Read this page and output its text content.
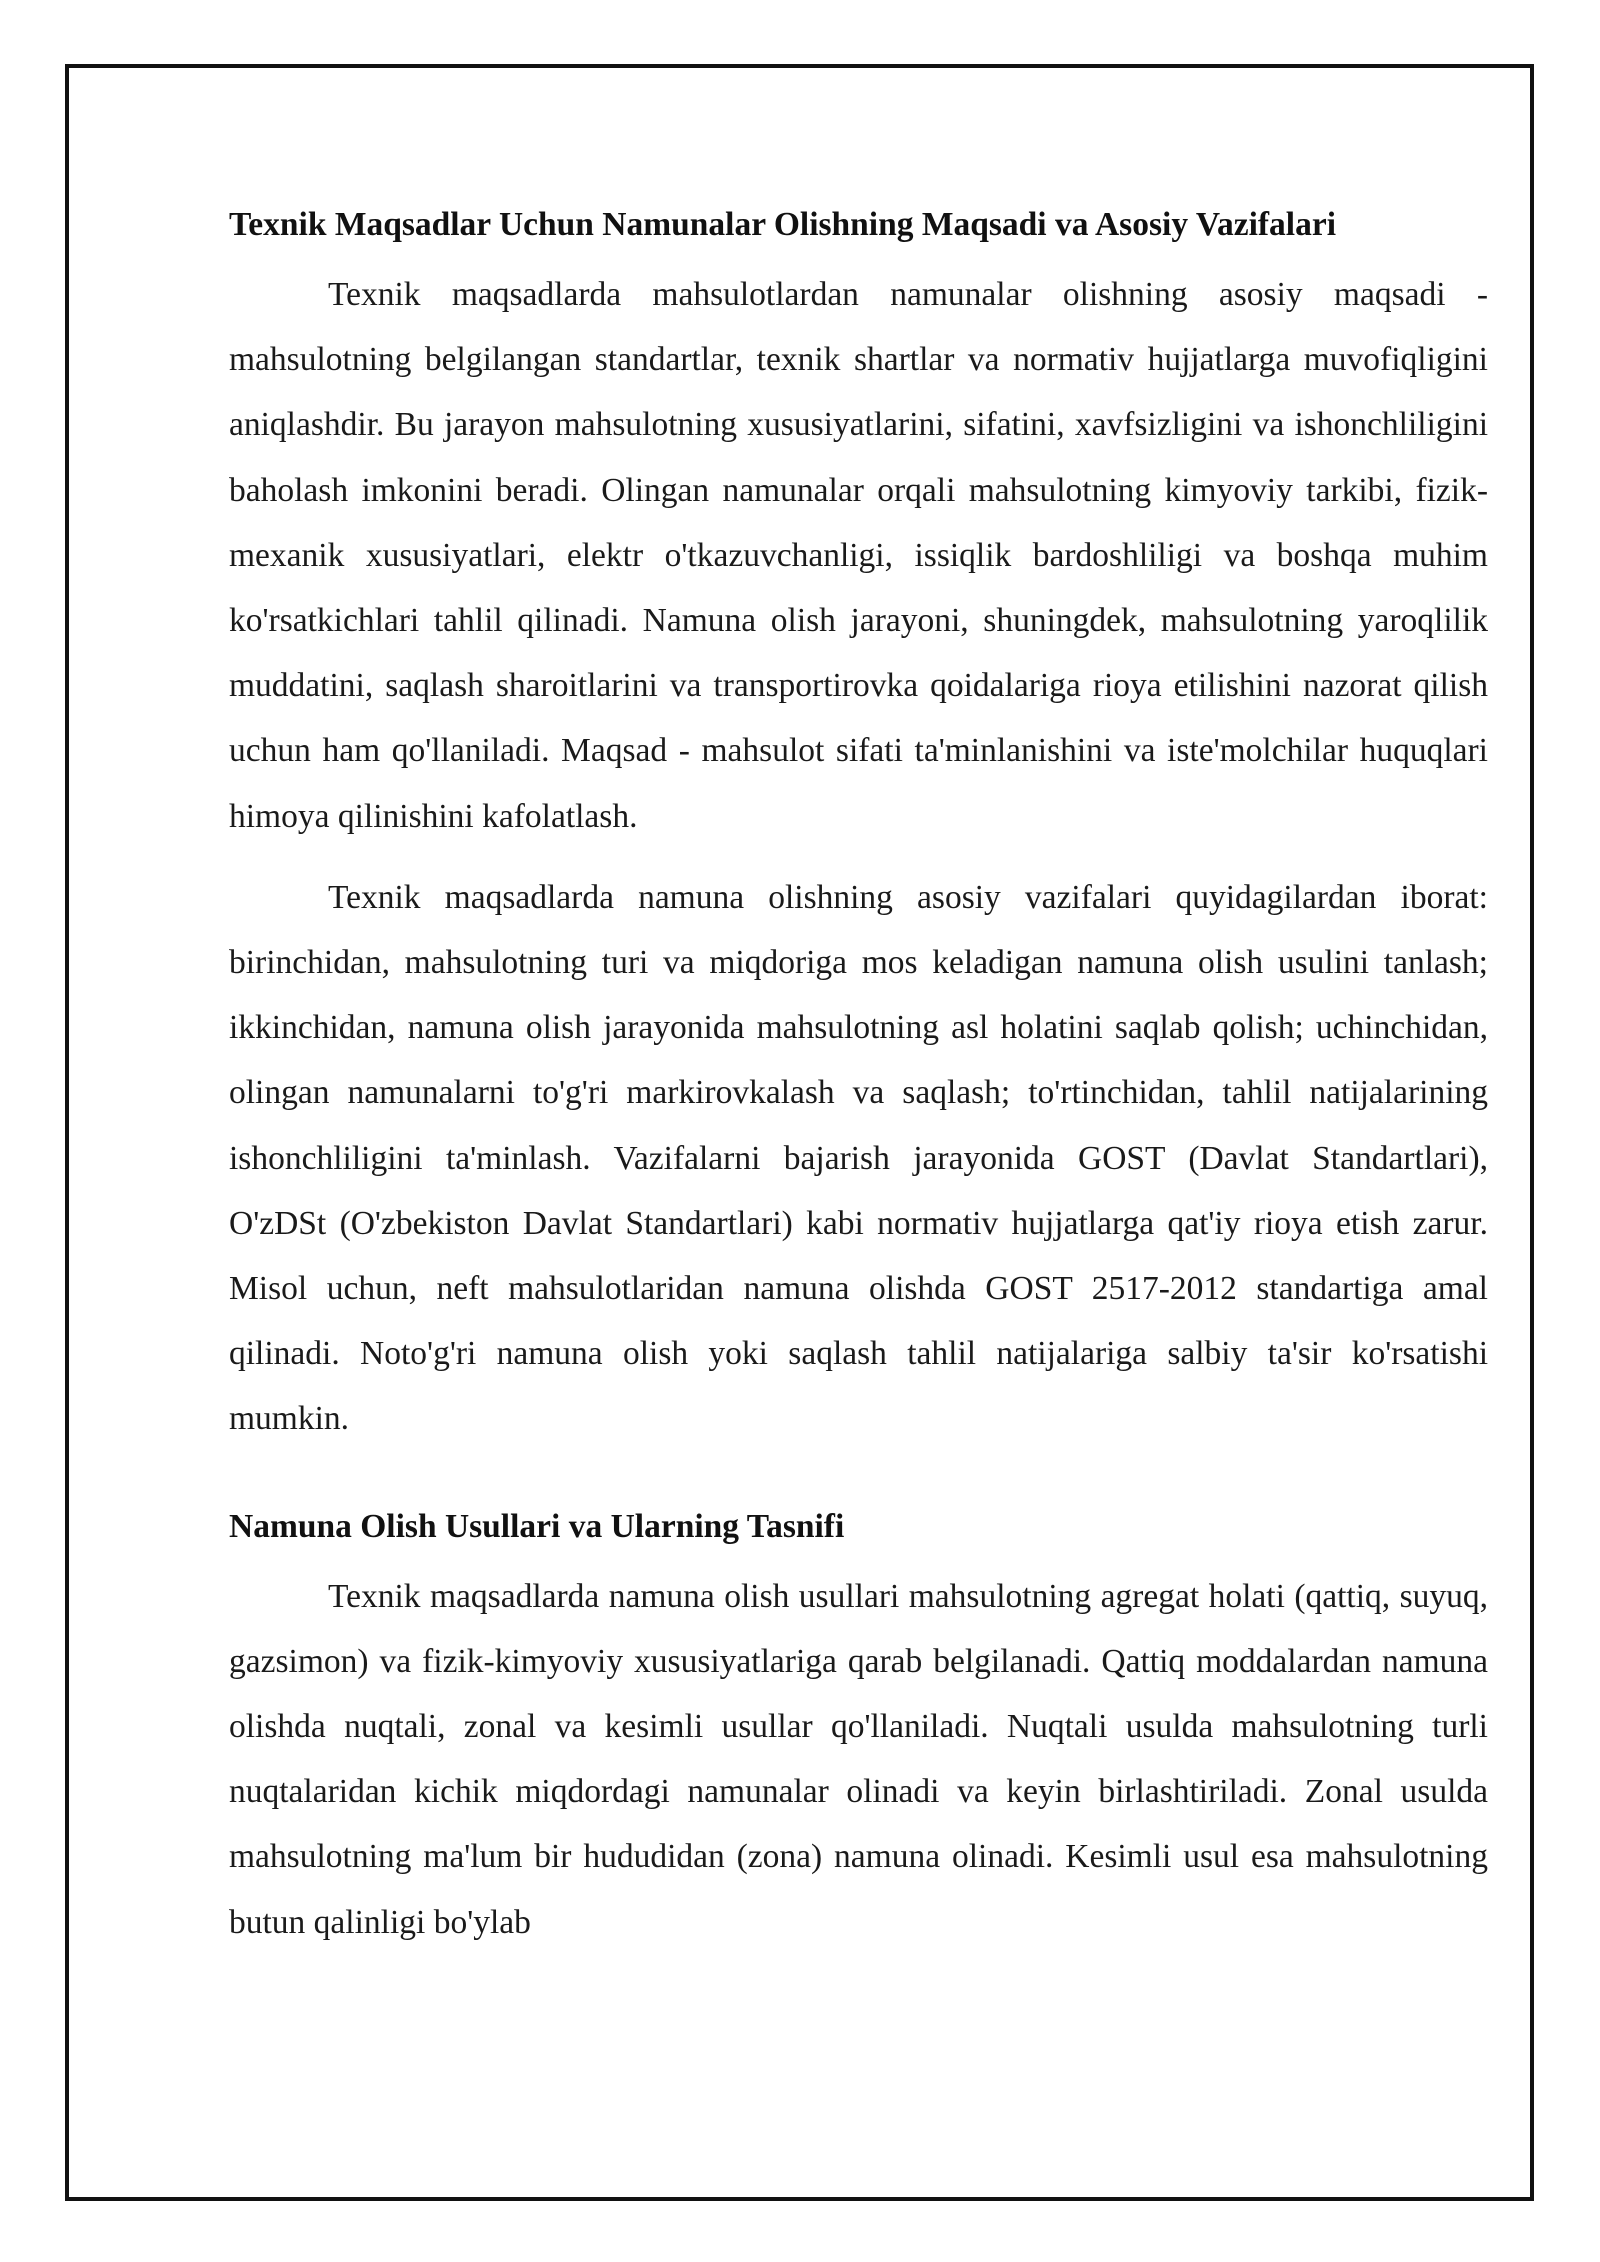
Texnik Maqsadlar Uchun Namunalar Olishning Maqsadi va Asosiy Vazifalari

Texnik maqsadlarda mahsulotlardan namunalar olishning asosiy maqsadi - mahsulotning belgilangan standartlar, texnik shartlar va normativ hujjatlarga muvofiqligini aniqlashdir. Bu jarayon mahsulotning xususiyatlarini, sifatini, xavfsizligini va ishonchliligini baholash imkonini beradi. Olingan namunalar orqali mahsulotning kimyoviy tarkibi, fizik-mexanik xususiyatlari, elektr o'tkazuvchanligi, issiqlik bardoshliligi va boshqa muhim ko'rsatkichlari tahlil qilinadi. Namuna olish jarayoni, shuningdek, mahsulotning yaroqlilik muddatini, saqlash sharoitlarini va transportirovka qoidalariga rioya etilishini nazorat qilish uchun ham qo'llaniladi. Maqsad - mahsulot sifati ta'minlanishini va iste'molchilar huquqlari himoya qilinishini kafolatlash.

Texnik maqsadlarda namuna olishning asosiy vazifalari quyidagilardan iborat: birinchidan, mahsulotning turi va miqdoriga mos keladigan namuna olish usulini tanlash; ikkinchidan, namuna olish jarayonida mahsulotning asl holatini saqlab qolish; uchinchidan, olingan namunalarni to'g'ri markirovkalash va saqlash; to'rtinchidan, tahlil natijalarining ishonchliligini ta'minlash. Vazifalarni bajarish jarayonida GOST (Davlat Standartlari), O'zDSt (O'zbekiston Davlat Standartlari) kabi normativ hujjatlarga qat'iy rioya etish zarur. Misol uchun, neft mahsulotlaridan namuna olishda GOST 2517-2012 standartiga amal qilinadi. Noto'g'ri namuna olish yoki saqlash tahlil natijalariga salbiy ta'sir ko'rsatishi mumkin.

Namuna Olish Usullari va Ularning Tasnifi

Texnik maqsadlarda namuna olish usullari mahsulotning agregat holati (qattiq, suyuq, gazsimon) va fizik-kimyoviy xususiyatlariga qarab belgilanadi. Qattiq moddalardan namuna olishda nuqtali, zonal va kesimli usullar qo'llaniladi. Nuqtali usulda mahsulotning turli nuqtalaridan kichik miqdordagi namunalar olinadi va keyin birlashtiriladi. Zonal usulda mahsulotning ma'lum bir hududidan (zona) namuna olinadi. Kesimli usul esa mahsulotning butun qalinligi bo'ylab
